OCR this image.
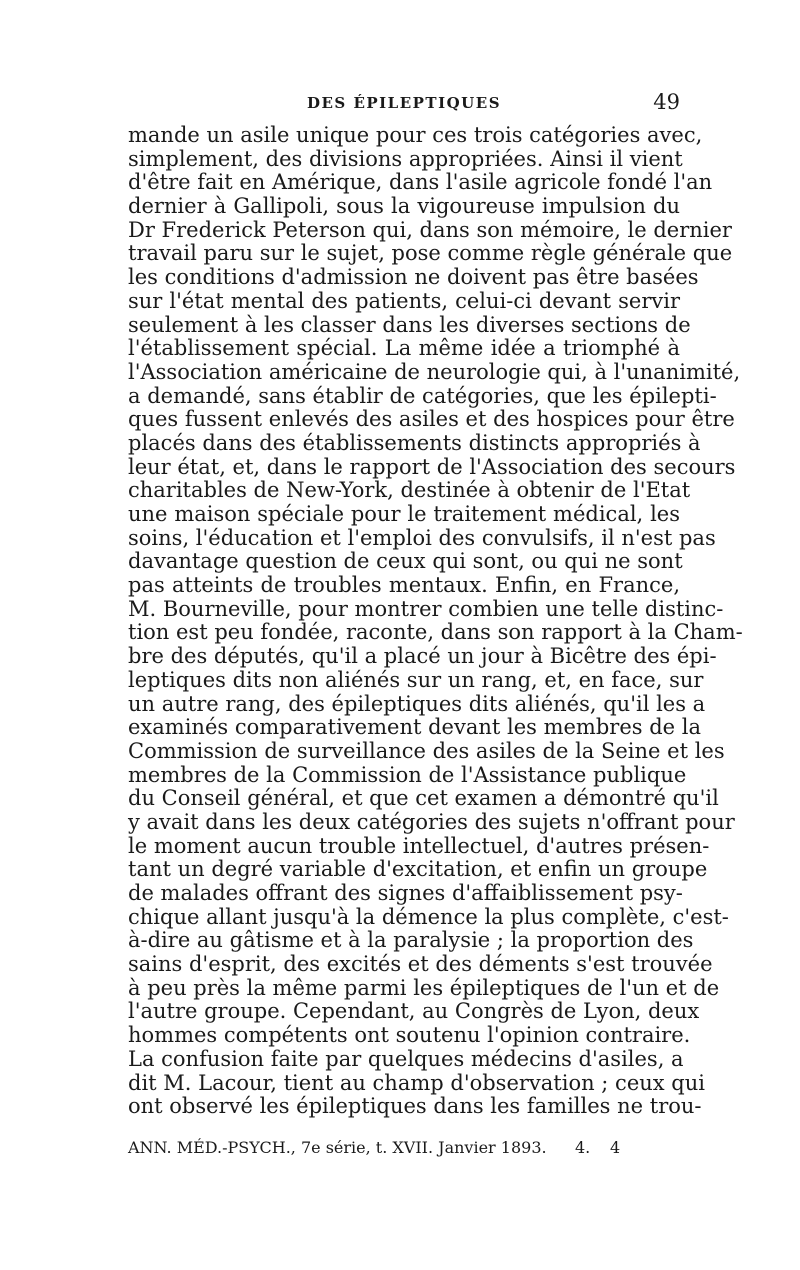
DES ÉPILEPTIQUES	49
mande un asile unique pour ces trois catégories avec,
simplement, des divisions appropriées. Ainsi il vient
d'être fait en Amérique, dans l'asile agricole fondé l'an
dernier à Gallipoli, sous la vigoureuse impulsion du
Dr Frederick Peterson qui, dans son mémoire, le dernier
travail paru sur le sujet, pose comme règle générale que
les conditions d'admission ne doivent pas être basées
sur l'état mental des patients, celui-ci devant servir
seulement à les classer dans les diverses sections de
l'établissement spécial. La même idée a triomphé à
l'Association américaine de neurologie qui, à l'unanimité,
a demandé, sans établir de catégories, que les épilepti-
ques fussent enlevés des asiles et des hospices pour être
placés dans des établissements distincts appropriés à
leur état, et, dans le rapport de l'Association des secours
charitables de New-York, destinée à obtenir de l'Etat
une maison spéciale pour le traitement médical, les
soins, l'éducation et l'emploi des convulsifs, il n'est pas
davantage question de ceux qui sont, ou qui ne sont
pas atteints de troubles mentaux. Enfin, en France,
M. Bourneville, pour montrer combien une telle distinc-
tion est peu fondée, raconte, dans son rapport à la Cham-
bre des députés, qu'il a placé un jour à Bicêtre des épi-
leptiques dits non aliénés sur un rang, et, en face, sur
un autre rang, des épileptiques dits aliénés, qu'il les a
examinés comparativement devant les membres de la
Commission de surveillance des asiles de la Seine et les
membres de la Commission de l'Assistance publique
du Conseil général, et que cet examen a démontré qu'il
y avait dans les deux catégories des sujets n'offrant pour
le moment aucun trouble intellectuel, d'autres présen-
tant un degré variable d'excitation, et enfin un groupe
de malades offrant des signes d'affaiblissement psy-
chique allant jusqu'à la démence la plus complète, c'est-
à-dire au gâtisme et à la paralysie ; la proportion des
sains d'esprit, des excités et des déments s'est trouvée
à peu près la même parmi les épileptiques de l'un et de
l'autre groupe. Cependant, au Congrès de Lyon, deux
hommes compétents ont soutenu l'opinion contraire.
La confusion faite par quelques médecins d'asiles, a
dit M. Lacour, tient au champ d'observation ; ceux qui
ont observé les épileptiques dans les familles ne trou-
ANN. MÉD.-PSYCH., 7e série, t. XVII. Janvier 1893. 4. 4
